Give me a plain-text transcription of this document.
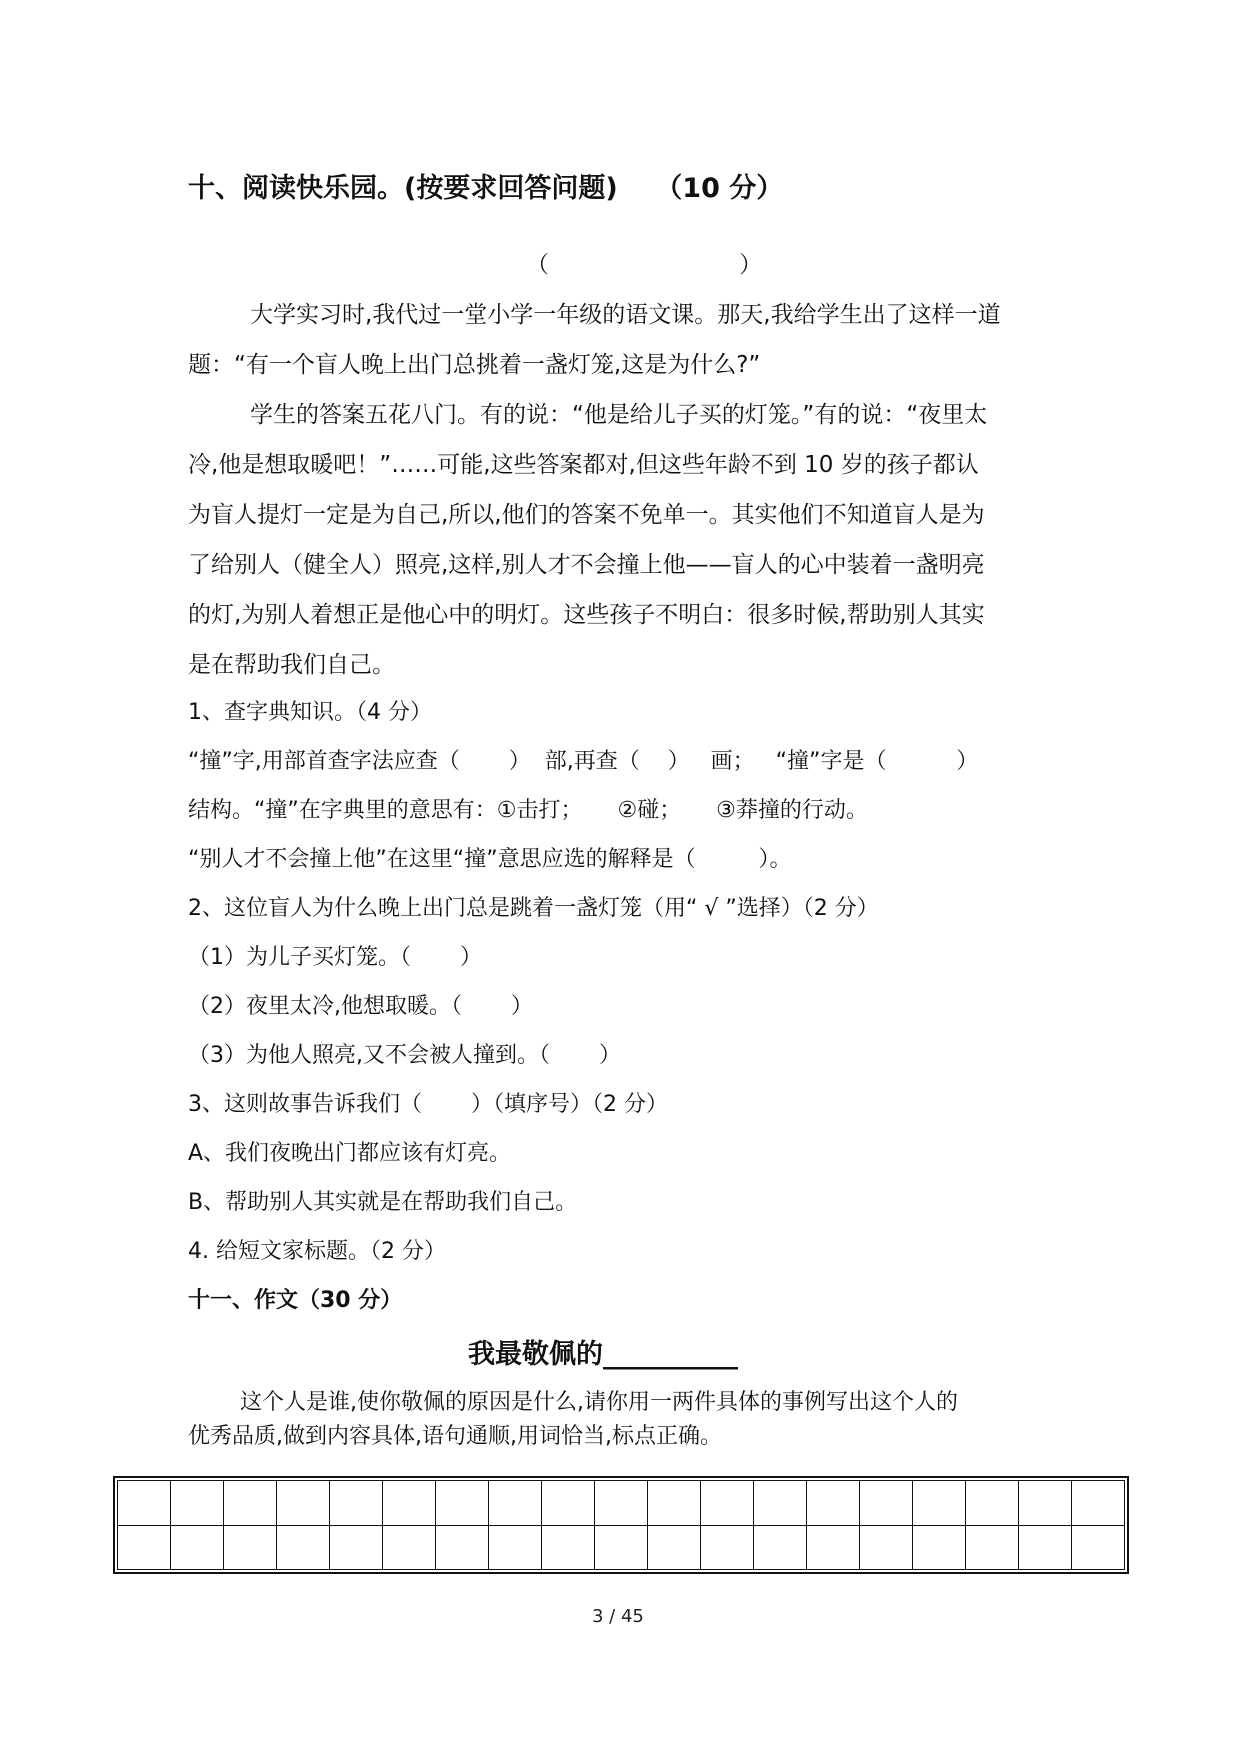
十、阅读快乐园。(按要求回答问题)    （10 分）
（                          ）
大学实习时,我代过一堂小学一年级的语文课。那天,我给学生出了这样一道
题：“有一个盲人晚上出门总挑着一盏灯笼,这是为什么?”
学生的答案五花八门。有的说：“他是给儿子买的灯笼。”有的说：“夜里太
冷,他是想取暖吧！”……可能,这些答案都对,但这些年龄不到 10 岁的孩子都认
为盲人提灯一定是为自己,所以,他们的答案不免单一。其实他们不知道盲人是为
了给别人（健全人）照亮,这样,别人才不会撞上他——盲人的心中装着一盏明亮
的灯,为别人着想正是他心中的明灯。这些孩子不明白：很多时候,帮助别人其实
是在帮助我们自己。
1、查字典知识。（4 分）
“撞”字,用部首查字法应查（       ）  部,再查（    ）   画；   “撞”字是（          ）
结构。“撞”在字典里的意思有：①击打；     ②碰；     ③莽撞的行动。
“别人才不会撞上他”在这里“撞”意思应选的解释是（         ）。
2、这位盲人为什么晚上出门总是跳着一盏灯笼（用“ √ ”选择）（2 分）
（1）为儿子买灯笼。（       ）
（2）夜里太冷,他想取暖。（       ）
（3）为他人照亮,又不会被人撞到。（       ）
3、这则故事告诉我们（       ）（填序号）（2 分）
A、我们夜晚出门都应该有灯亮。
B、帮助别人其实就是在帮助我们自己。
4. 给短文家标题。（2 分）
十一、作文（30 分）
我最敬佩的__________
这个人是谁,使你敬佩的原因是什么,请你用一两件具体的事例写出这个人的
优秀品质,做到内容具体,语句通顺,用词恰当,标点正确。

3 / 45
